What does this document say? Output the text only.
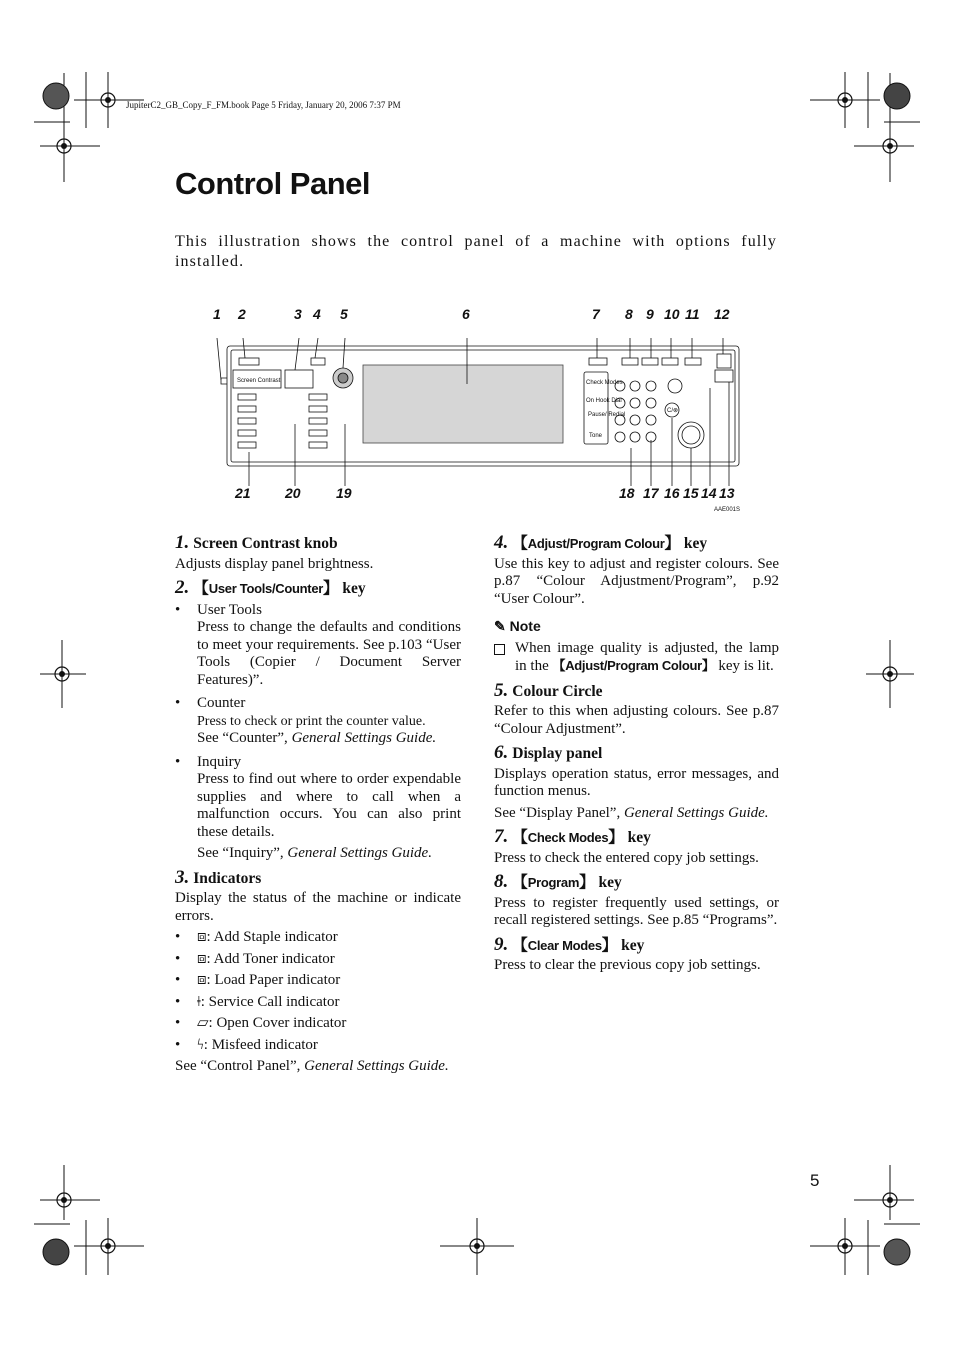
JupiterC2_GB_Copy_F_FM.book Page 5 Friday, January 20, 2006 7:37 PM
Control Panel
This illustration shows the control panel of a machine with options fully installed.
1 2	3 4 5	6	7 8 9 10 11 12
Screen Contrast	Check Modes
On Hook Dial
Pause/ Redial
Tone
C/⊗
21 20	19	18 17 16 15 14 13
AAE001S
1. Screen Contrast knob

Adjusts display panel brightness.

2. 【User Tools/Counter】 key
• User Tools
Press to change the defaults and conditions to meet your requirements. See p.103 “User Tools (Copier / Document Server Features)”.
• Counter
Press to check or print the counter value.
See “Counter”, General Settings Guide.
• Inquiry
Press to find out where to order expendable supplies and where to call when a malfunction occurs. You can also print these details.
See “Inquiry”, General Settings Guide.
3. Indicators

Display the status of the machine or indicate errors.

• ⧈: Add Staple indicator
• ⧈: Add Toner indicator
• ⧈: Load Paper indicator
• ǂ: Service Call indicator
• ▱: Open Cover indicator
• ϟ: Misfeed indicator

See “Control Panel”, General Settings Guide.

4. 【Adjust/Program Colour】 key

Use this key to adjust and register colours. See p.87 “Colour Adjustment/Program”, p.92 “User Colour”.

✎ Note
When image quality is adjusted, the lamp in the 【Adjust/Program Colour】 key is lit.
5. Colour Circle

Refer to this when adjusting colours. See p.87 “Colour Adjustment”.

6. Display panel

Displays operation status, error messages, and function menus.

See “Display Panel”, General Settings Guide.

7. 【Check Modes】 key

Press to check the entered copy job settings.

8. 【Program】 key

Press to register frequently used settings, or recall registered settings. See p.85 “Programs”.

9. 【Clear Modes】 key

Press to clear the previous copy job settings.

5
